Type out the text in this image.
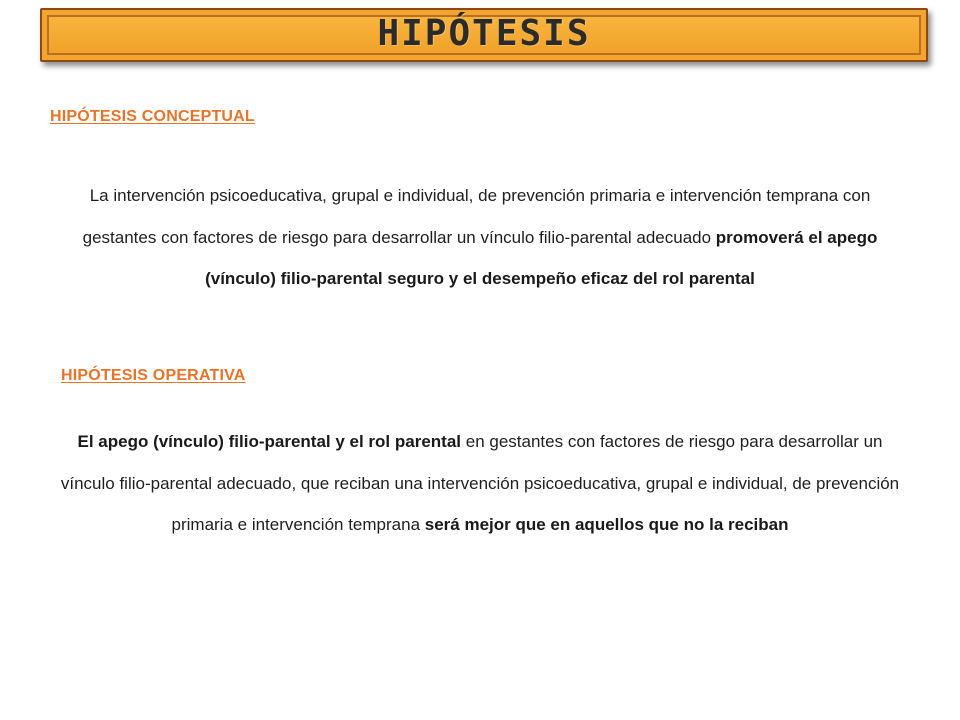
HIPÓTESIS
HIPÓTESIS CONCEPTUAL
La intervención psicoeducativa, grupal e individual, de prevención primaria e intervención temprana con gestantes con factores de riesgo para desarrollar un vínculo filio-parental adecuado promoverá el apego (vínculo) filio-parental seguro y el desempeño eficaz del rol parental
HIPÓTESIS OPERATIVA
El apego (vínculo) filio-parental y el rol parental en gestantes con factores de riesgo para desarrollar un vínculo filio-parental adecuado, que reciban una intervención psicoeducativa, grupal e individual, de prevención primaria e intervención temprana será mejor que en aquellos que no la reciban
